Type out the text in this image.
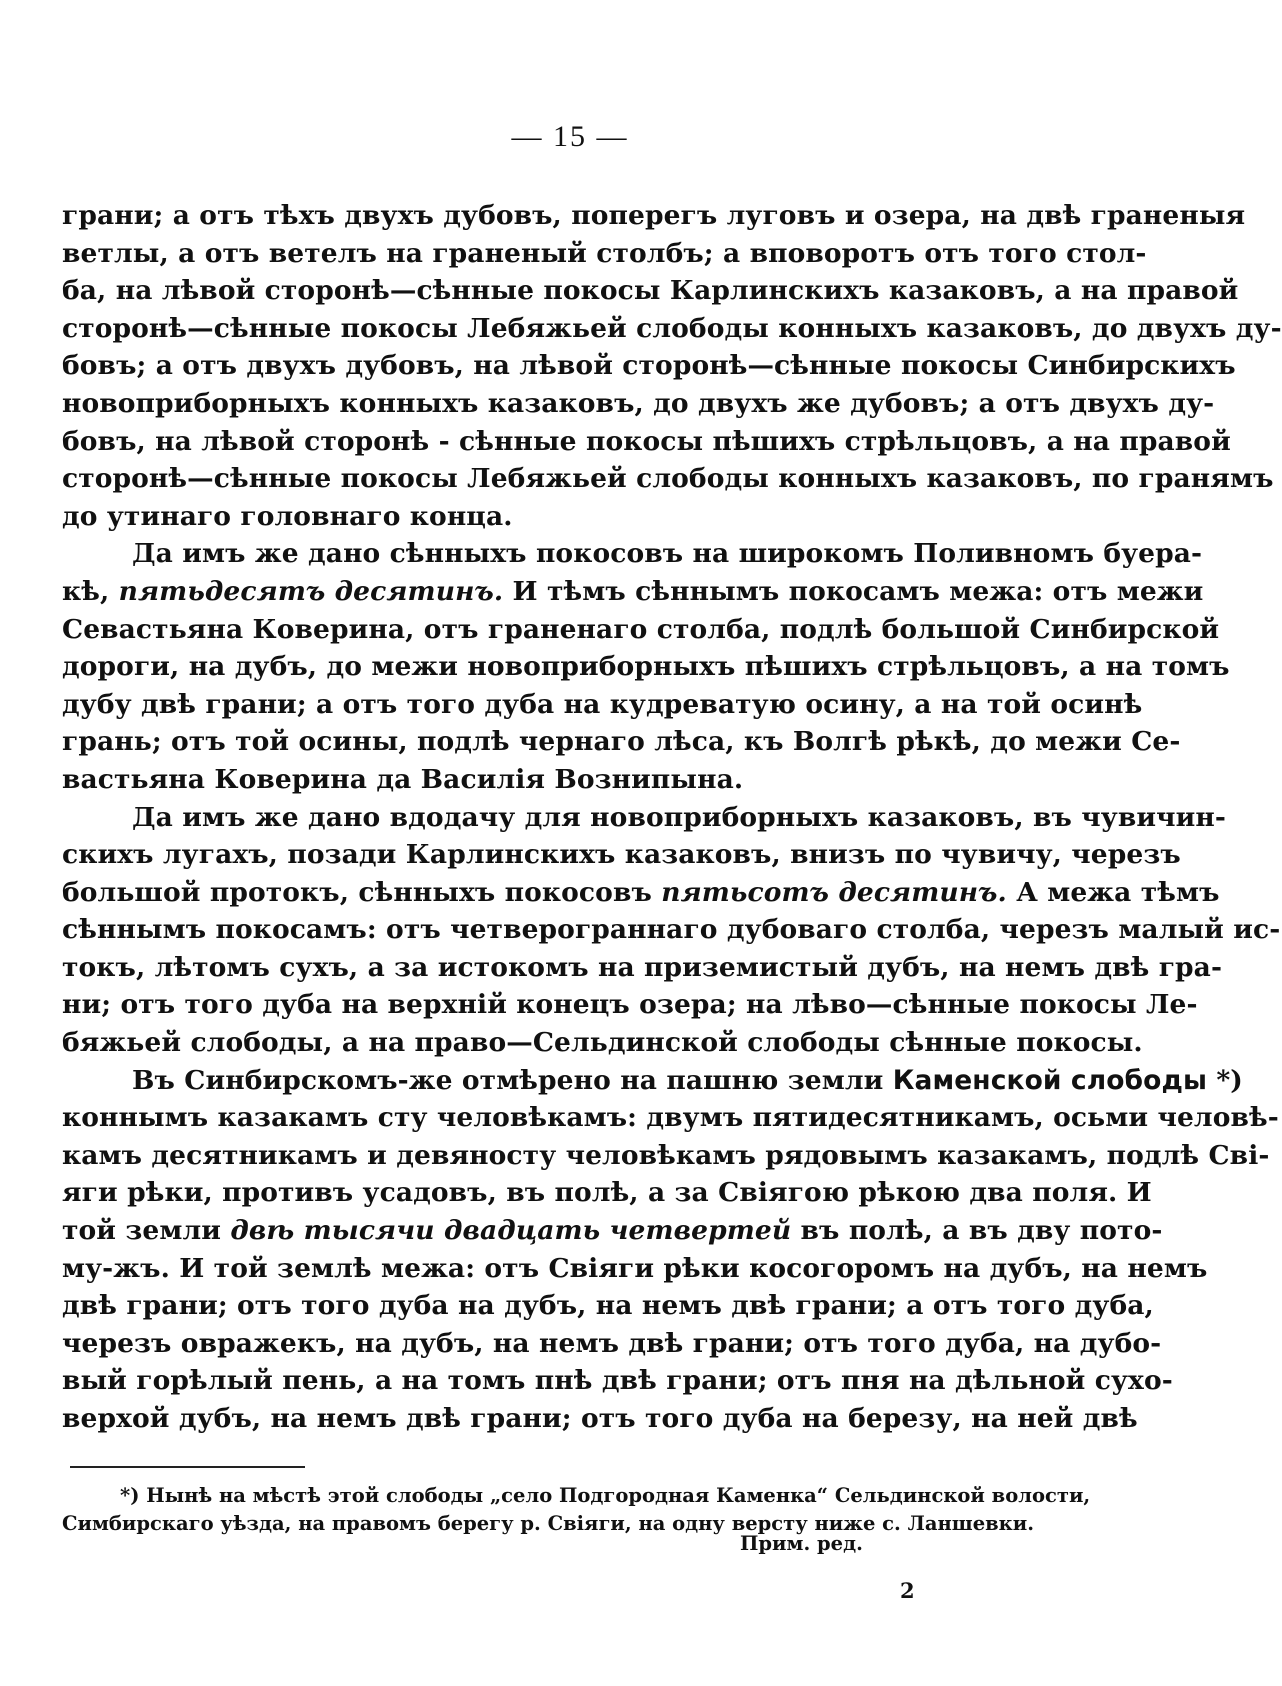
— 15 —
грани; а отъ тѣхъ двухъ дубовъ, поперегъ луговъ и озера, на двѣ граненыя
ветлы, а отъ ветелъ на граненый столбъ; а вповоротъ отъ того стол-
ба, на лѣвой сторонѣ—сѣнные покосы Карлинскихъ казаковъ, а на правой
сторонѣ—сѣнные покосы Лебяжьей слободы конныхъ казаковъ, до двухъ ду-
бовъ; а отъ двухъ дубовъ, на лѣвой сторонѣ—сѣнные покосы Синбирскихъ
новоприборныхъ конныхъ казаковъ, до двухъ же дубовъ; а отъ двухъ ду-
бовъ, на лѣвой сторонѣ - сѣнные покосы пѣшихъ стрѣльцовъ, а на правой
сторонѣ—сѣнные покосы Лебяжьей слободы конныхъ казаковъ, по гранямъ
до утинаго головнаго конца.
Да имъ же дано сѣнныхъ покосовъ на широкомъ Поливномъ буера-
кѣ, пятьдесятъ десятинъ. И тѣмъ сѣннымъ покосамъ межа: отъ межи
Севастьяна Коверина, отъ граненаго столба, подлѣ большой Синбирской
дороги, на дубъ, до межи новоприборныхъ пѣшихъ стрѣльцовъ, а на томъ
дубу двѣ грани; а отъ того дуба на кудреватую осину, а на той осинѣ
грань; отъ той осины, подлѣ чернаго лѣса, къ Волгѣ рѣкѣ, до межи Се-
вастьяна Коверина да Василія Вознипына.
Да имъ же дано вдодачу для новоприборныхъ казаковъ, въ чувичин-
скихъ лугахъ, позади Карлинскихъ казаковъ, внизъ по чувичу, черезъ
большой протокъ, сѣнныхъ покосовъ пятьсотъ десятинъ. А межа тѣмъ
сѣннымъ покосамъ: отъ четверограннаго дубоваго столба, черезъ малый ис-
токъ, лѣтомъ сухъ, а за истокомъ на приземистый дубъ, на немъ двѣ гра-
ни; отъ того дуба на верхній конецъ озера; на лѣво—сѣнные покосы Ле-
бяжьей слободы, а на право—Сельдинской слободы сѣнные покосы.
Въ Синбирскомъ-же отмѣрено на пашню земли Каменской слободы *)
коннымъ казакамъ сту человѣкамъ: двумъ пятидесятникамъ, осьми человѣ-
камъ десятникамъ и девяносту человѣкамъ рядовымъ казакамъ, подлѣ Сві-
яги рѣки, противъ усадовъ, въ полѣ, а за Свіягою рѣкою два поля. И
той земли двѣ тысячи двадцать четвертей въ полѣ, а въ дву пото-
му-жъ. И той землѣ межа: отъ Свіяги рѣки косогоромъ на дубъ, на немъ
двѣ грани; отъ того дуба на дубъ, на немъ двѣ грани; а отъ того дуба,
черезъ овражекъ, на дубъ, на немъ двѣ грани; отъ того дуба, на дубо-
вый горѣлый пень, а на томъ пнѣ двѣ грани; отъ пня на дѣльной сухо-
верхой дубъ, на немъ двѣ грани; отъ того дуба на березу, на ней двѣ
*) Нынѣ на мѣстѣ этой слободы „село Подгородная Каменка“ Сельдинской волости,
Симбирскаго уѣзда, на правомъ берегу р. Свіяги, на одну версту ниже с. Ланшевки.
Прим. ред.
2
